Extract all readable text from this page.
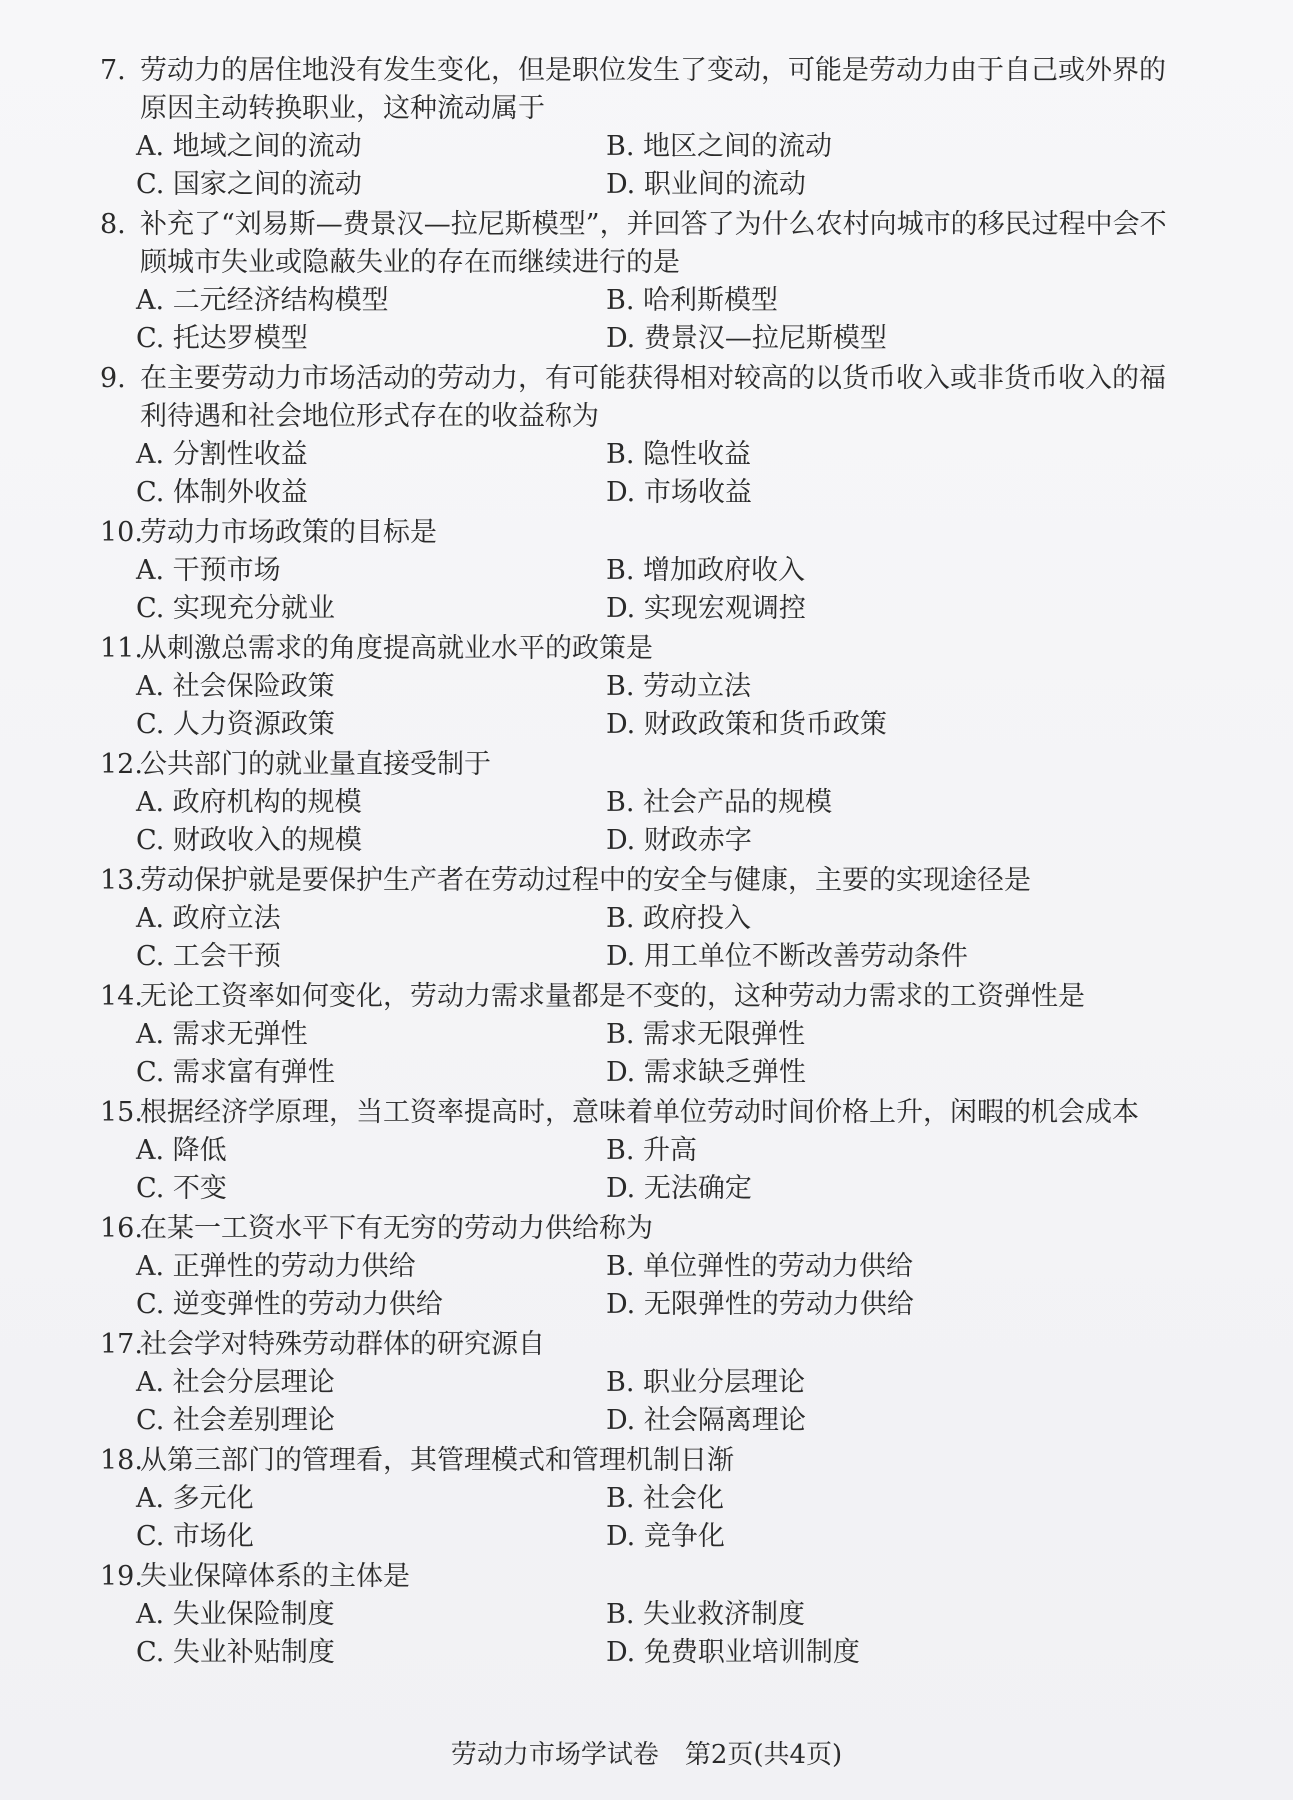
7. 劳动力的居住地没有发生变化，但是职位发生了变动，可能是劳动力由于自己或外界的原因主动转换职业，这种流动属于
A. 地域之间的流动	B. 地区之间的流动
C. 国家之间的流动	D. 职业间的流动
8. 补充了“刘易斯—费景汉—拉尼斯模型”，并回答了为什么农村向城市的移民过程中会不顾城市失业或隐蔽失业的存在而继续进行的是
A. 二元经济结构模型	B. 哈利斯模型
C. 托达罗模型	D. 费景汉—拉尼斯模型
9. 在主要劳动力市场活动的劳动力，有可能获得相对较高的以货币收入或非货币收入的福利待遇和社会地位形式存在的收益称为
A. 分割性收益	B. 隐性收益
C. 体制外收益	D. 市场收益
10.
劳动力市场政策的目标是
A. 干预市场	B. 增加政府收入
C. 实现充分就业	D. 实现宏观调控
11.
从刺激总需求的角度提高就业水平的政策是
A. 社会保险政策	B. 劳动立法
C. 人力资源政策	D. 财政政策和货币政策
12.
公共部门的就业量直接受制于
A. 政府机构的规模	B. 社会产品的规模
C. 财政收入的规模	D. 财政赤字
13.
劳动保护就是要保护生产者在劳动过程中的安全与健康，主要的实现途径是
A. 政府立法	B. 政府投入
C. 工会干预	D. 用工单位不断改善劳动条件
14.
无论工资率如何变化，劳动力需求量都是不变的，这种劳动力需求的工资弹性是
A. 需求无弹性	B. 需求无限弹性
C. 需求富有弹性	D. 需求缺乏弹性
15.
根据经济学原理，当工资率提高时，意味着单位劳动时间价格上升，闲暇的机会成本
A. 降低	B. 升高
C. 不变	D. 无法确定
16.
在某一工资水平下有无穷的劳动力供给称为
A. 正弹性的劳动力供给	B. 单位弹性的劳动力供给
C. 逆变弹性的劳动力供给	D. 无限弹性的劳动力供给
17.
社会学对特殊劳动群体的研究源自
A. 社会分层理论	B. 职业分层理论
C. 社会差别理论	D. 社会隔离理论
18.
从第三部门的管理看，其管理模式和管理机制日渐
A. 多元化	B. 社会化
C. 市场化	D. 竞争化
19.
失业保障体系的主体是
A. 失业保险制度	B. 失业救济制度
C. 失业补贴制度	D. 免费职业培训制度
劳动力市场学试卷　第2页(共4页)
